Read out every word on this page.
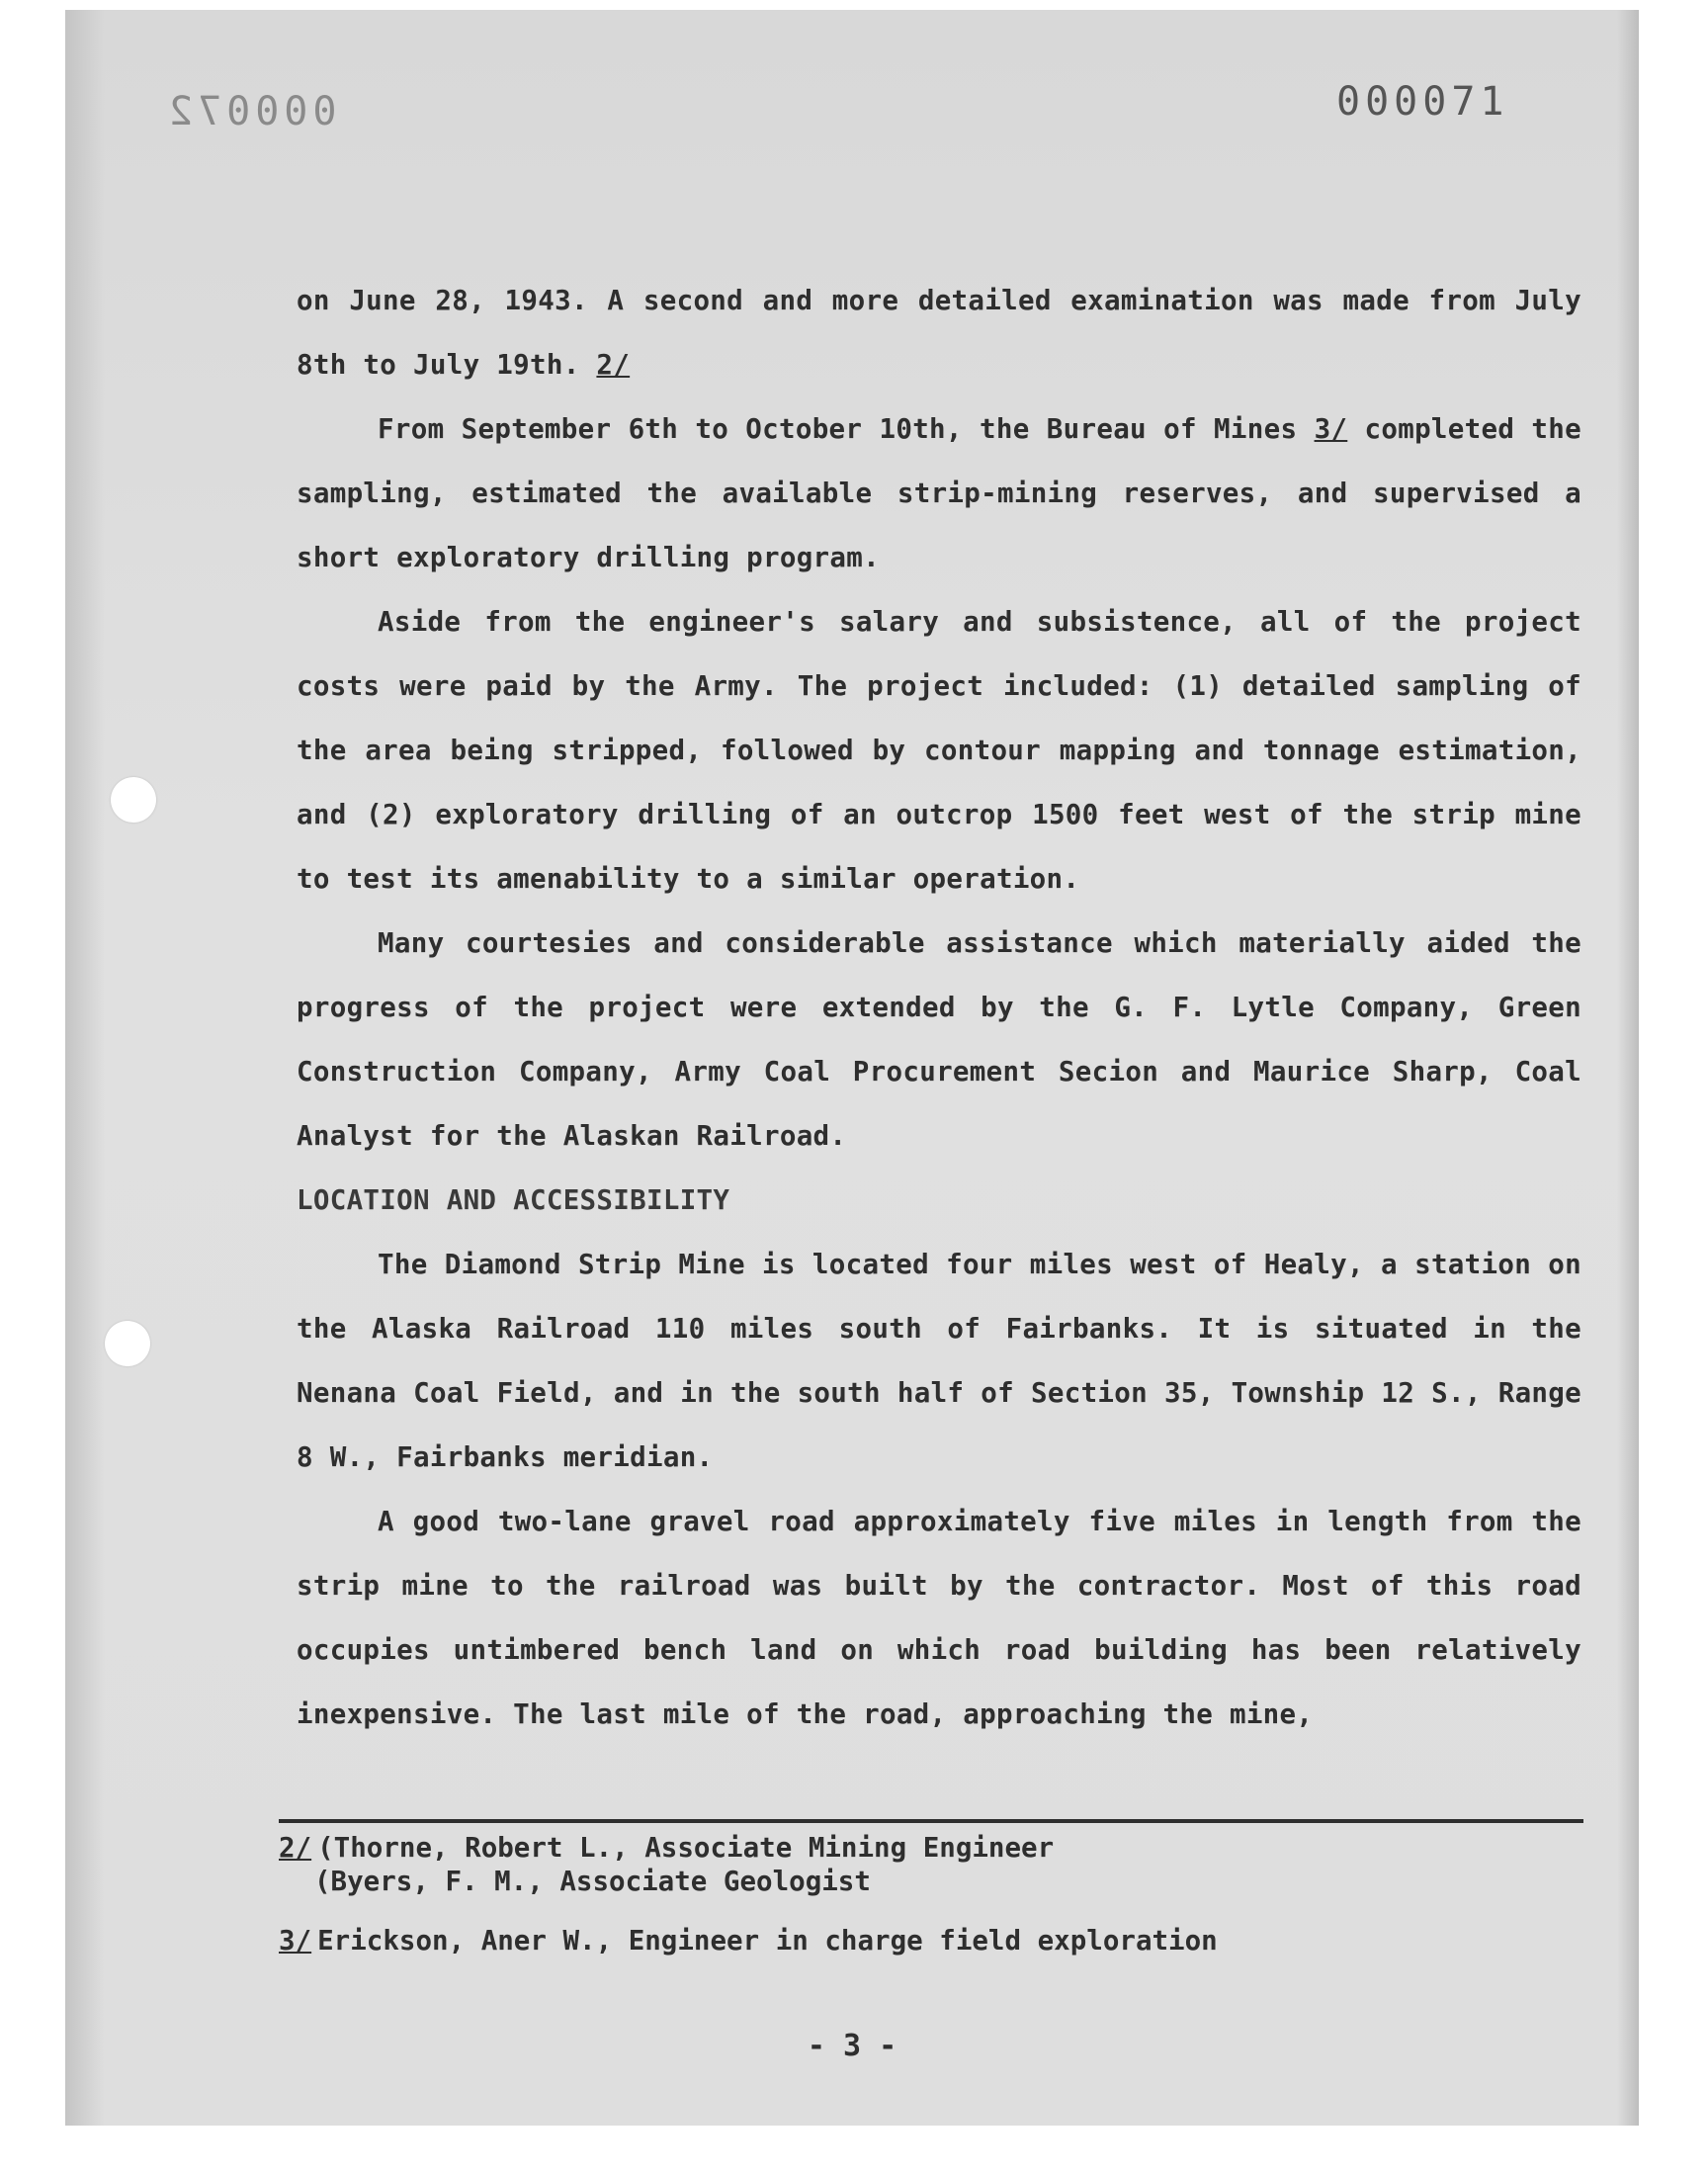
000072	000071

on June 28, 1943. A second and more detailed examination was made from July 8th to July 19th. 2/

From September 6th to October 10th, the Bureau of Mines 3/ completed the sampling, estimated the available strip-mining reserves, and supervised a short exploratory drilling program.

Aside from the engineer's salary and subsistence, all of the project costs were paid by the Army. The project included: (1) detailed sampling of the area being stripped, followed by contour mapping and tonnage estimation, and (2) exploratory drilling of an outcrop 1500 feet west of the strip mine to test its amenability to a similar operation.

Many courtesies and considerable assistance which materially aided the progress of the project were extended by the G. F. Lytle Company, Green Construction Company, Army Coal Procurement Secion and Maurice Sharp, Coal Analyst for the Alaskan Railroad.

LOCATION AND ACCESSIBILITY

The Diamond Strip Mine is located four miles west of Healy, a station on the Alaska Railroad 110 miles south of Fairbanks. It is situated in the Nenana Coal Field, and in the south half of Section 35, Township 12 S., Range 8 W., Fairbanks meridian.

A good two-lane gravel road approximately five miles in length from the strip mine to the railroad was built by the contractor. Most of this road occupies untimbered bench land on which road building has been relatively inexpensive. The last mile of the road, approaching the mine,

2/ (Thorne, Robert L., Associate Mining Engineer
(Byers, F. M., Associate Geologist
3/ Erickson, Aner W., Engineer in charge field exploration
- 3 -
